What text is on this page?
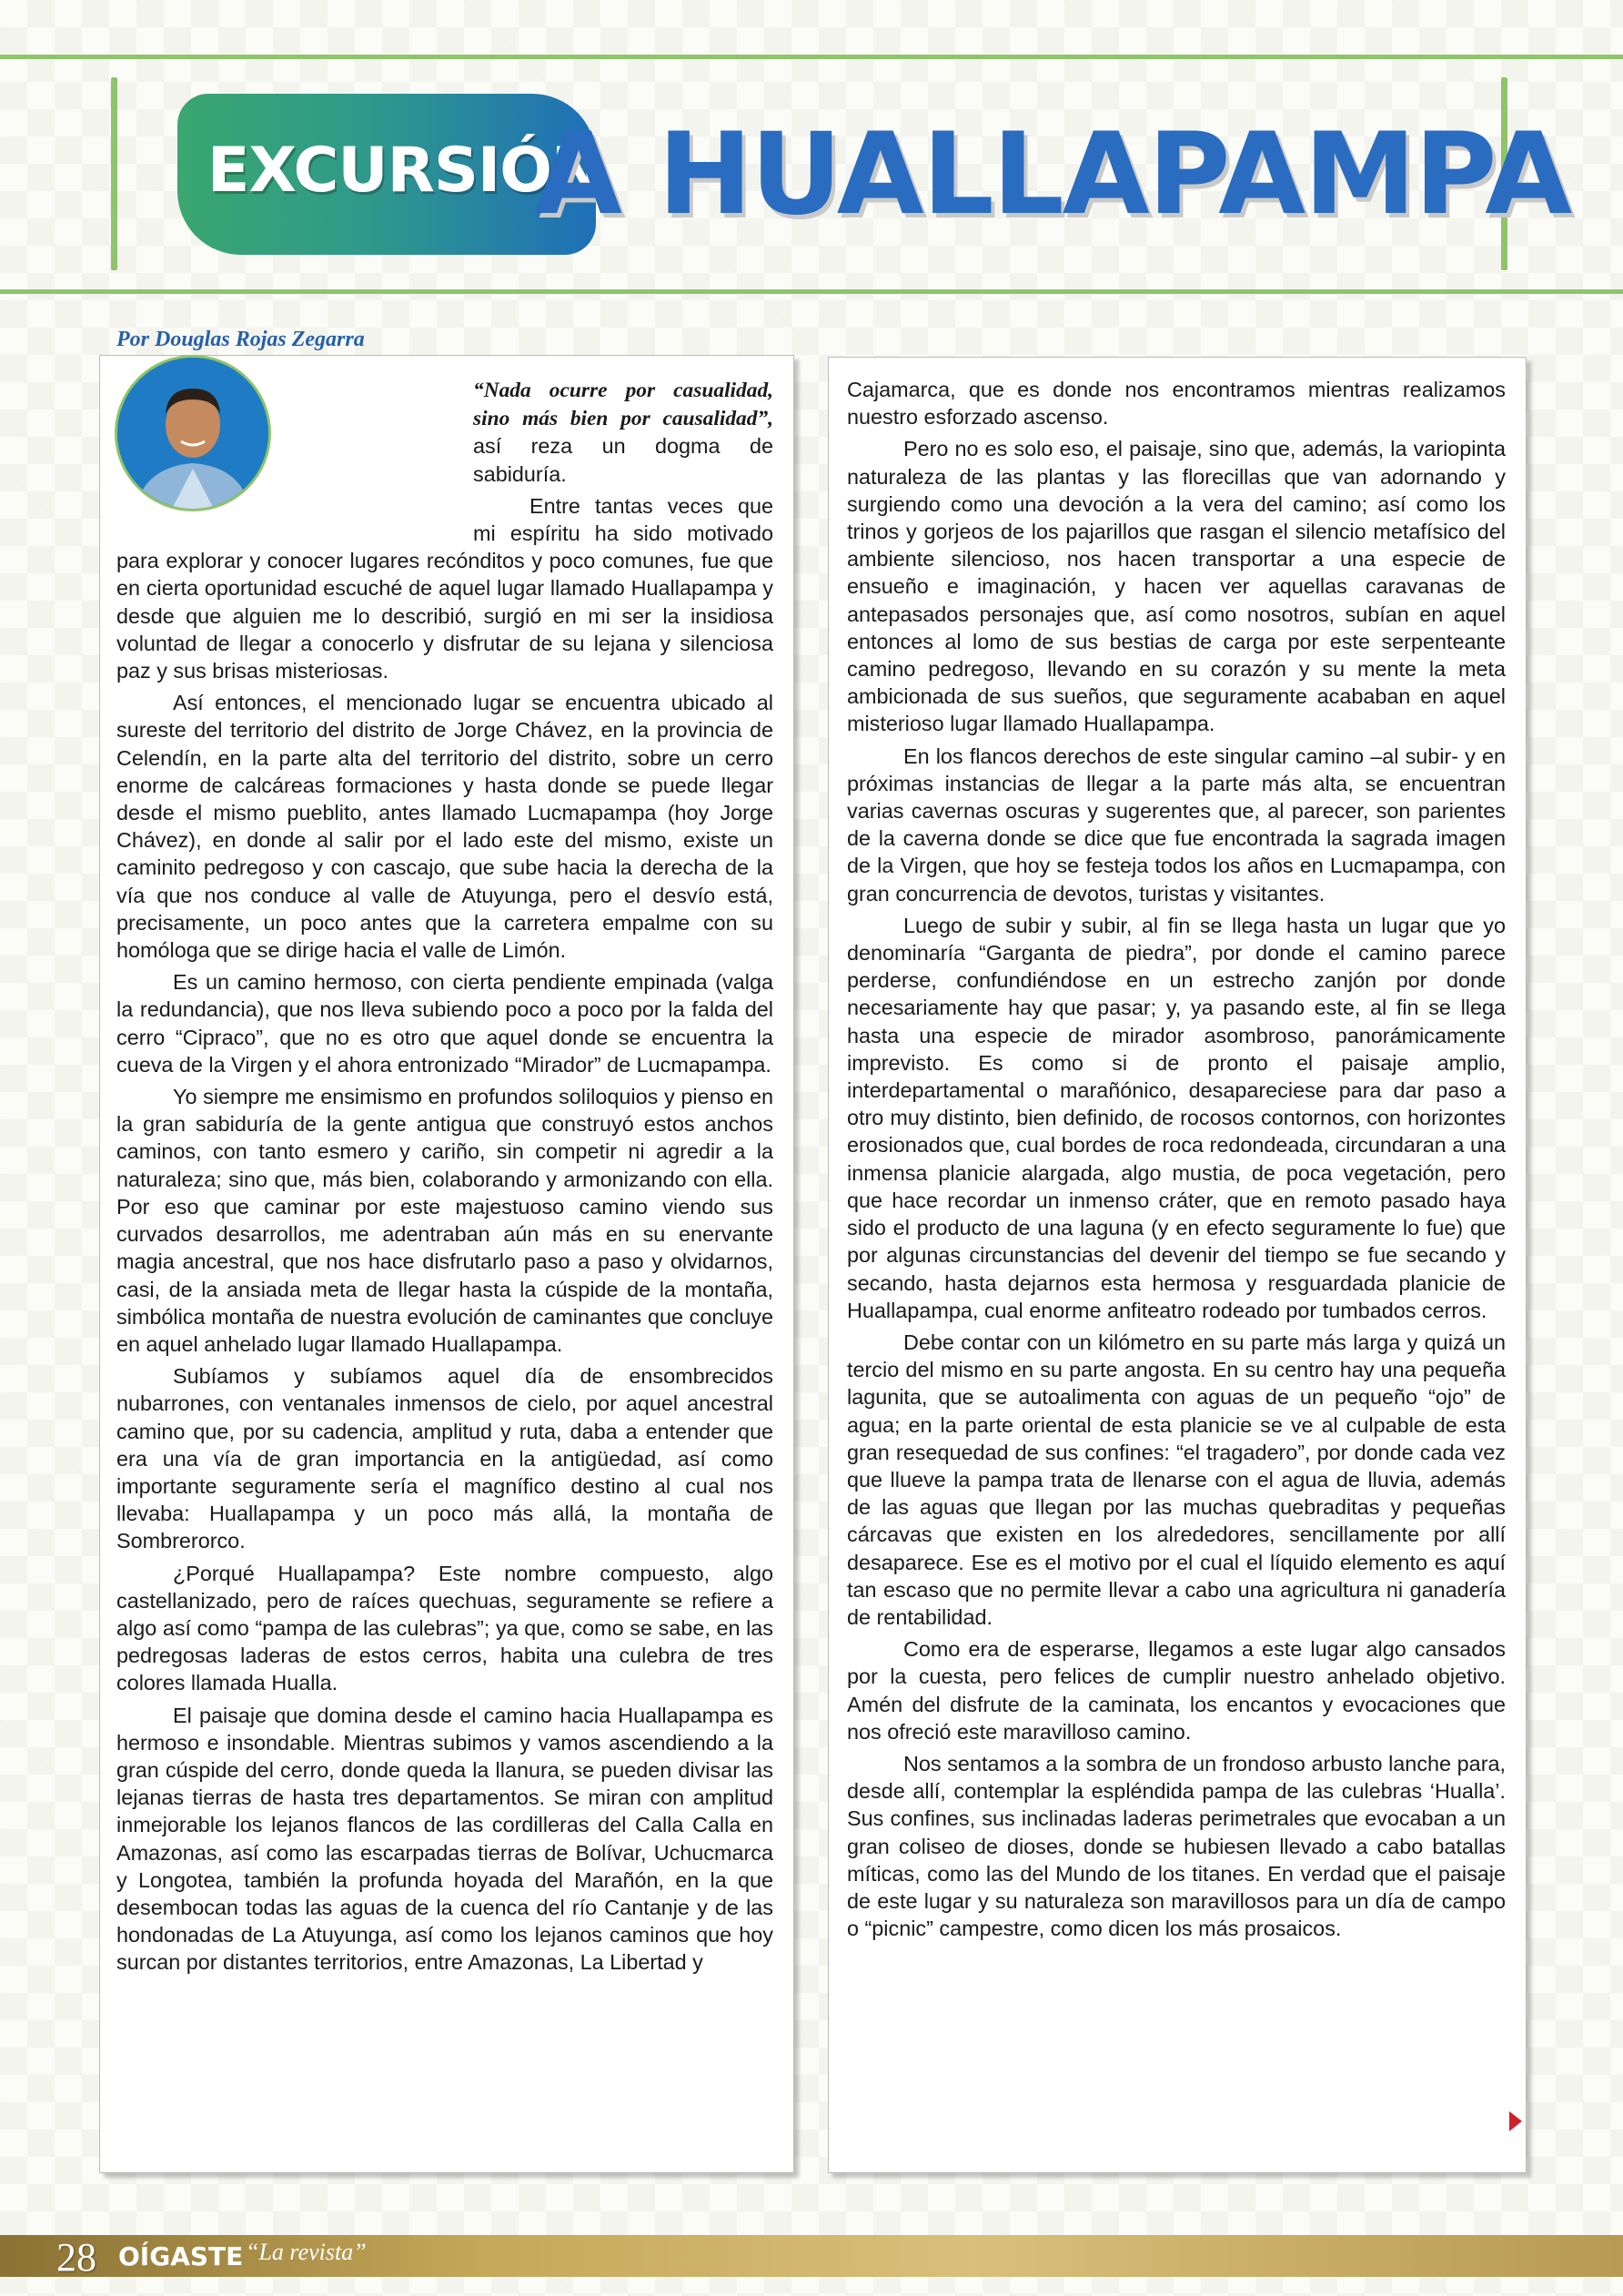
EXCURSIÓN
A HUALLAPAMPA
Por Douglas Rojas Zegarra

“Nada ocurre por casualidad, sino más bien por causalidad”, así reza un dogma de sabiduría.

Entre tantas veces que mi espíritu ha sido motivado para explorar y conocer lugares recónditos y poco comunes, fue que en cierta oportunidad escuché de aquel lugar llamado Huallapampa y desde que alguien me lo describió, surgió en mi ser la insidiosa voluntad de llegar a conocerlo y disfrutar de su lejana y silenciosa paz y sus brisas misteriosas.

Así entonces, el mencionado lugar se encuentra ubicado al sureste del territorio del distrito de Jorge Chávez, en la provincia de Celendín, en la parte alta del territorio del distrito, sobre un cerro enorme de calcáreas formaciones y hasta donde se puede llegar desde el mismo pueblito, antes llamado Lucmapampa (hoy Jorge Chávez), en donde al salir por el lado este del mismo, existe un caminito pedregoso y con cascajo, que sube hacia la derecha de la vía que nos conduce al valle de Atuyunga, pero el desvío está, precisamente, un poco antes que la carretera empalme con su homóloga que se dirige hacia el valle de Limón.

Es un camino hermoso, con cierta pendiente empinada (valga la redundancia), que nos lleva subiendo poco a poco por la falda del cerro “Cipraco”, que no es otro que aquel donde se encuentra la cueva de la Virgen y el ahora entronizado “Mirador” de Lucmapampa.

Yo siempre me ensimismo en profundos soliloquios y pienso en la gran sabiduría de la gente antigua que construyó estos anchos caminos, con tanto esmero y cariño, sin competir ni agredir a la naturaleza; sino que, más bien, colaborando y armonizando con ella. Por eso que caminar por este majestuoso camino viendo sus curvados desarrollos, me adentraban aún más en su enervante magia ancestral, que nos hace disfrutarlo paso a paso y olvidarnos, casi, de la ansiada meta de llegar hasta la cúspide de la montaña, simbólica montaña de nuestra evolución de caminantes que concluye en aquel anhelado lugar llamado Huallapampa.

Subíamos y subíamos aquel día de ensombrecidos nubarrones, con ventanales inmensos de cielo, por aquel ancestral camino que, por su cadencia, amplitud y ruta, daba a entender que era una vía de gran importancia en la antigüedad, así como importante seguramente sería el magnífico destino al cual nos llevaba: Huallapampa y un poco más allá, la montaña de Sombrerorco.

¿Porqué Huallapampa? Este nombre compuesto, algo castellanizado, pero de raíces quechuas, seguramente se refiere a algo así como “pampa de las culebras”; ya que, como se sabe, en las pedregosas laderas de estos cerros, habita una culebra de tres colores llamada Hualla.

El paisaje que domina desde el camino hacia Huallapampa es hermoso e insondable. Mientras subimos y vamos ascendiendo a la gran cúspide del cerro, donde queda la llanura, se pueden divisar las lejanas tierras de hasta tres departamentos. Se miran con amplitud inmejorable los lejanos flancos de las cordilleras del Calla Calla en Amazonas, así como las escarpadas tierras de Bolívar, Uchucmarca y Longotea, también la profunda hoyada del Marañón, en la que desembocan todas las aguas de la cuenca del río Cantanje y de las hondonadas de La Atuyunga, así como los lejanos caminos que hoy surcan por distantes territorios, entre Amazonas, La Libertad y

Cajamarca, que es donde nos encontramos mientras realizamos nuestro esforzado ascenso.

Pero no es solo eso, el paisaje, sino que, además, la variopinta naturaleza de las plantas y las florecillas que van adornando y surgiendo como una devoción a la vera del camino; así como los trinos y gorjeos de los pajarillos que rasgan el silencio metafísico del ambiente silencioso, nos hacen transportar a una especie de ensueño e imaginación, y hacen ver aquellas caravanas de antepasados personajes que, así como nosotros, subían en aquel entonces al lomo de sus bestias de carga por este serpenteante camino pedregoso, llevando en su corazón y su mente la meta ambicionada de sus sueños, que seguramente acababan en aquel misterioso lugar llamado Huallapampa.

En los flancos derechos de este singular camino –al subir- y en próximas instancias de llegar a la parte más alta, se encuentran varias cavernas oscuras y sugerentes que, al parecer, son parientes de la caverna donde se dice que fue encontrada la sagrada imagen de la Virgen, que hoy se festeja todos los años en Lucmapampa, con gran concurrencia de devotos, turistas y visitantes.

Luego de subir y subir, al fin se llega hasta un lugar que yo denominaría “Garganta de piedra”, por donde el camino parece perderse, confundiéndose en un estrecho zanjón por donde necesariamente hay que pasar; y, ya pasando este, al fin se llega hasta una especie de mirador asombroso, panorámicamente imprevisto. Es como si de pronto el paisaje amplio, interdepartamental o marañónico, desapareciese para dar paso a otro muy distinto, bien definido, de rocosos contornos, con horizontes erosionados que, cual bordes de roca redondeada, circundaran a una inmensa planicie alargada, algo mustia, de poca vegetación, pero que hace recordar un inmenso cráter, que en remoto pasado haya sido el producto de una laguna (y en efecto seguramente lo fue) que por algunas circunstancias del devenir del tiempo se fue secando y secando, hasta dejarnos esta hermosa y resguardada planicie de Huallapampa, cual enorme anfiteatro rodeado por tumbados cerros.

Debe contar con un kilómetro en su parte más larga y quizá un tercio del mismo en su parte angosta. En su centro hay una pequeña lagunita, que se autoalimenta con aguas de un pequeño “ojo” de agua; en la parte oriental de esta planicie se ve al culpable de esta gran resequedad de sus confines: “el tragadero”, por donde cada vez que llueve la pampa trata de llenarse con el agua de lluvia, además de las aguas que llegan por las muchas quebraditas y pequeñas cárcavas que existen en los alrededores, sencillamente por allí desaparece. Ese es el motivo por el cual el líquido elemento es aquí tan escaso que no permite llevar a cabo una agricultura ni ganadería de rentabilidad.

Como era de esperarse, llegamos a este lugar algo cansados por la cuesta, pero felices de cumplir nuestro anhelado objetivo. Amén del disfrute de la caminata, los encantos y evocaciones que nos ofreció este maravilloso camino.

Nos sentamos a la sombra de un frondoso arbusto lanche para, desde allí, contemplar la espléndida pampa de las culebras ‘Hualla’. Sus confines, sus inclinadas laderas perimetrales que evocaban a un gran coliseo de dioses, donde se hubiesen llevado a cabo batallas míticas, como las del Mundo de los titanes. En verdad que el paisaje de este lugar y su naturaleza son maravillosos para un día de campo o “picnic” campestre, como dicen los más prosaicos.

28 OÍGASTE “La revista”
